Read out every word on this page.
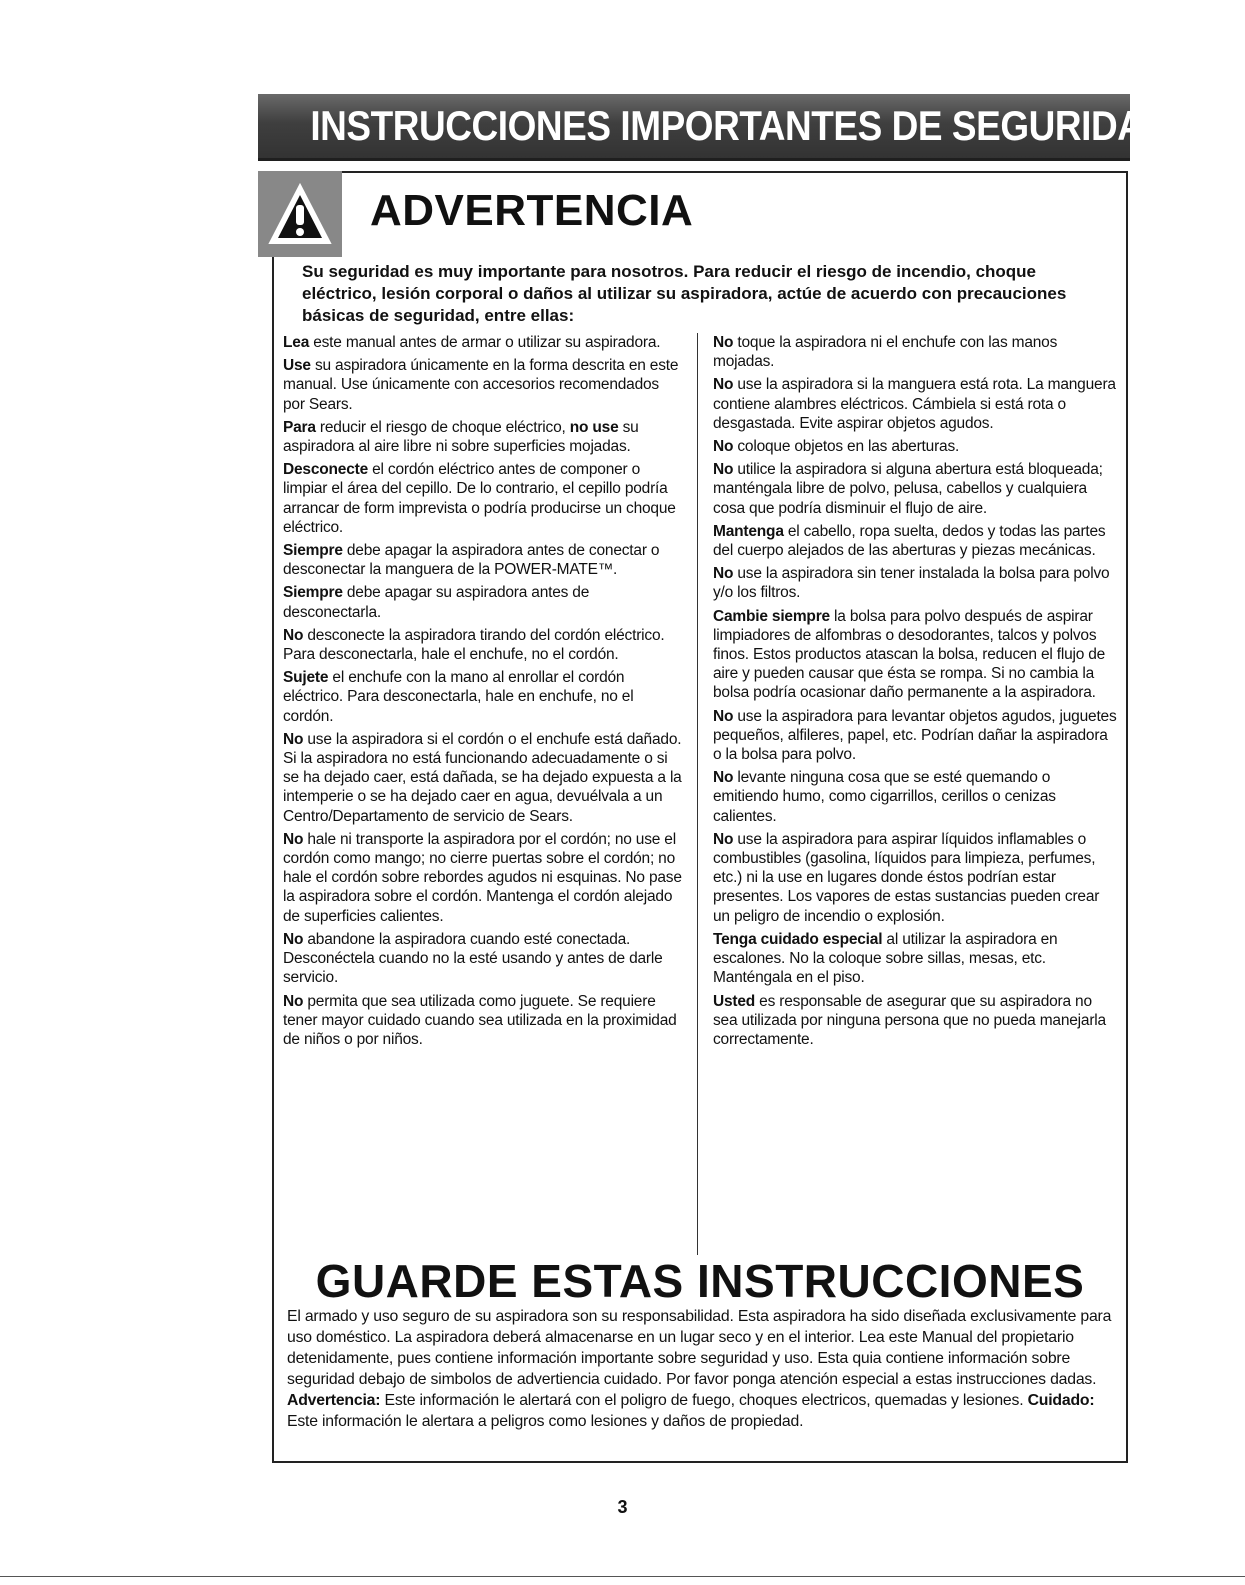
INSTRUCCIONES IMPORTANTES DE SEGURIDAD
ADVERTENCIA
Su seguridad es muy importante para nosotros. Para reducir el riesgo de incendio, choque
eléctrico, lesión corporal o daños al utilizar su aspiradora, actúe de acuerdo con precauciones
básicas de seguridad, entre ellas:
Lea este manual antes de armar o utilizar su aspiradora.
Use su aspiradora únicamente en la forma descrita en este manual. Use únicamente con accesorios recomendados por Sears.
Para reducir el riesgo de choque eléctrico, no use su aspiradora al aire libre ni sobre superficies mojadas.
Desconecte el cordón eléctrico antes de componer o limpiar el área del cepillo. De lo contrario, el cepillo podría arrancar de form imprevista o podría producirse un choque eléctrico.
Siempre debe apagar la aspiradora antes de conectar o desconectar la manguera de la POWER-MATE™.
Siempre debe apagar su aspiradora antes de desconectarla.
No desconecte la aspiradora tirando del cordón eléctrico. Para desconectarla, hale el enchufe, no el cordón.
Sujete el enchufe con la mano al enrollar el cordón eléctrico. Para desconectarla, hale en enchufe, no el cordón.
No use la aspiradora si el cordón o el enchufe está dañado. Si la aspiradora no está funcionando adecuadamente o si se ha dejado caer, está dañada, se ha dejado expuesta a la intemperie o se ha dejado caer en agua, devuélvala a un Centro/Departamento de servicio de Sears.
No hale ni transporte la aspiradora por el cordón; no use el cordón como mango; no cierre puertas sobre el cordón; no hale el cordón sobre rebordes agudos ni esquinas. No pase la aspiradora sobre el cordón. Mantenga el cordón alejado de superficies calientes.
No abandone la aspiradora cuando esté conectada. Desconéctela cuando no la esté usando y antes de darle servicio.
No permita que sea utilizada como juguete. Se requiere tener mayor cuidado cuando sea utilizada en la proximidad de niños o por niños.
No toque la aspiradora ni el enchufe con las manos mojadas.
No use la aspiradora si la manguera está rota. La manguera contiene alambres eléctricos. Cámbiela si está rota o desgastada. Evite aspirar objetos agudos.
No coloque objetos en las aberturas.
No utilice la aspiradora si alguna abertura está bloqueada; manténgala libre de polvo, pelusa, cabellos y cualquiera cosa que podría disminuir el flujo de aire.
Mantenga el cabello, ropa suelta, dedos y todas las partes del cuerpo alejados de las aberturas y piezas mecánicas.
No use la aspiradora sin tener instalada la bolsa para polvo y/o los filtros.
Cambie siempre la bolsa para polvo después de aspirar limpiadores de alfombras o desodorantes, talcos y polvos finos. Estos productos atascan la bolsa, reducen el flujo de aire y pueden causar que ésta se rompa. Si no cambia la bolsa podría ocasionar daño permanente a la aspiradora.
No use la aspiradora para levantar objetos agudos, juguetes pequeños, alfileres, papel, etc. Podrían dañar la aspiradora o la bolsa para polvo.
No levante ninguna cosa que se esté quemando o emitiendo humo, como cigarrillos, cerillos o cenizas calientes.
No use la aspiradora para aspirar líquidos inflamables o combustibles (gasolina, líquidos para limpieza, perfumes, etc.) ni la use en lugares donde éstos podrían estar presentes. Los vapores de estas sustancias pueden crear un peligro de incendio o explosión.
Tenga cuidado especial al utilizar la aspiradora en escalones. No la coloque sobre sillas, mesas, etc. Manténgala en el piso.
Usted es responsable de asegurar que su aspiradora no sea utilizada por ninguna persona que no pueda manejarla correctamente.
GUARDE ESTAS INSTRUCCIONES
El armado y uso seguro de su aspiradora son su responsabilidad. Esta aspiradora ha sido diseñada exclusivamente para uso doméstico. La aspiradora deberá almacenarse en un lugar seco y en el interior. Lea este Manual del propietario detenidamente, pues contiene información importante sobre seguridad y uso. Esta quia contiene información sobre seguridad debajo de simbolos de advertiencia cuidado. Por favor ponga atención especial a estas instrucciones dadas. Advertencia: Este información le alertará con el poligro de fuego, choques electricos, quemadas y lesiones. Cuidado: Este información le alertara a peligros como lesiones y daños de propiedad.
3
